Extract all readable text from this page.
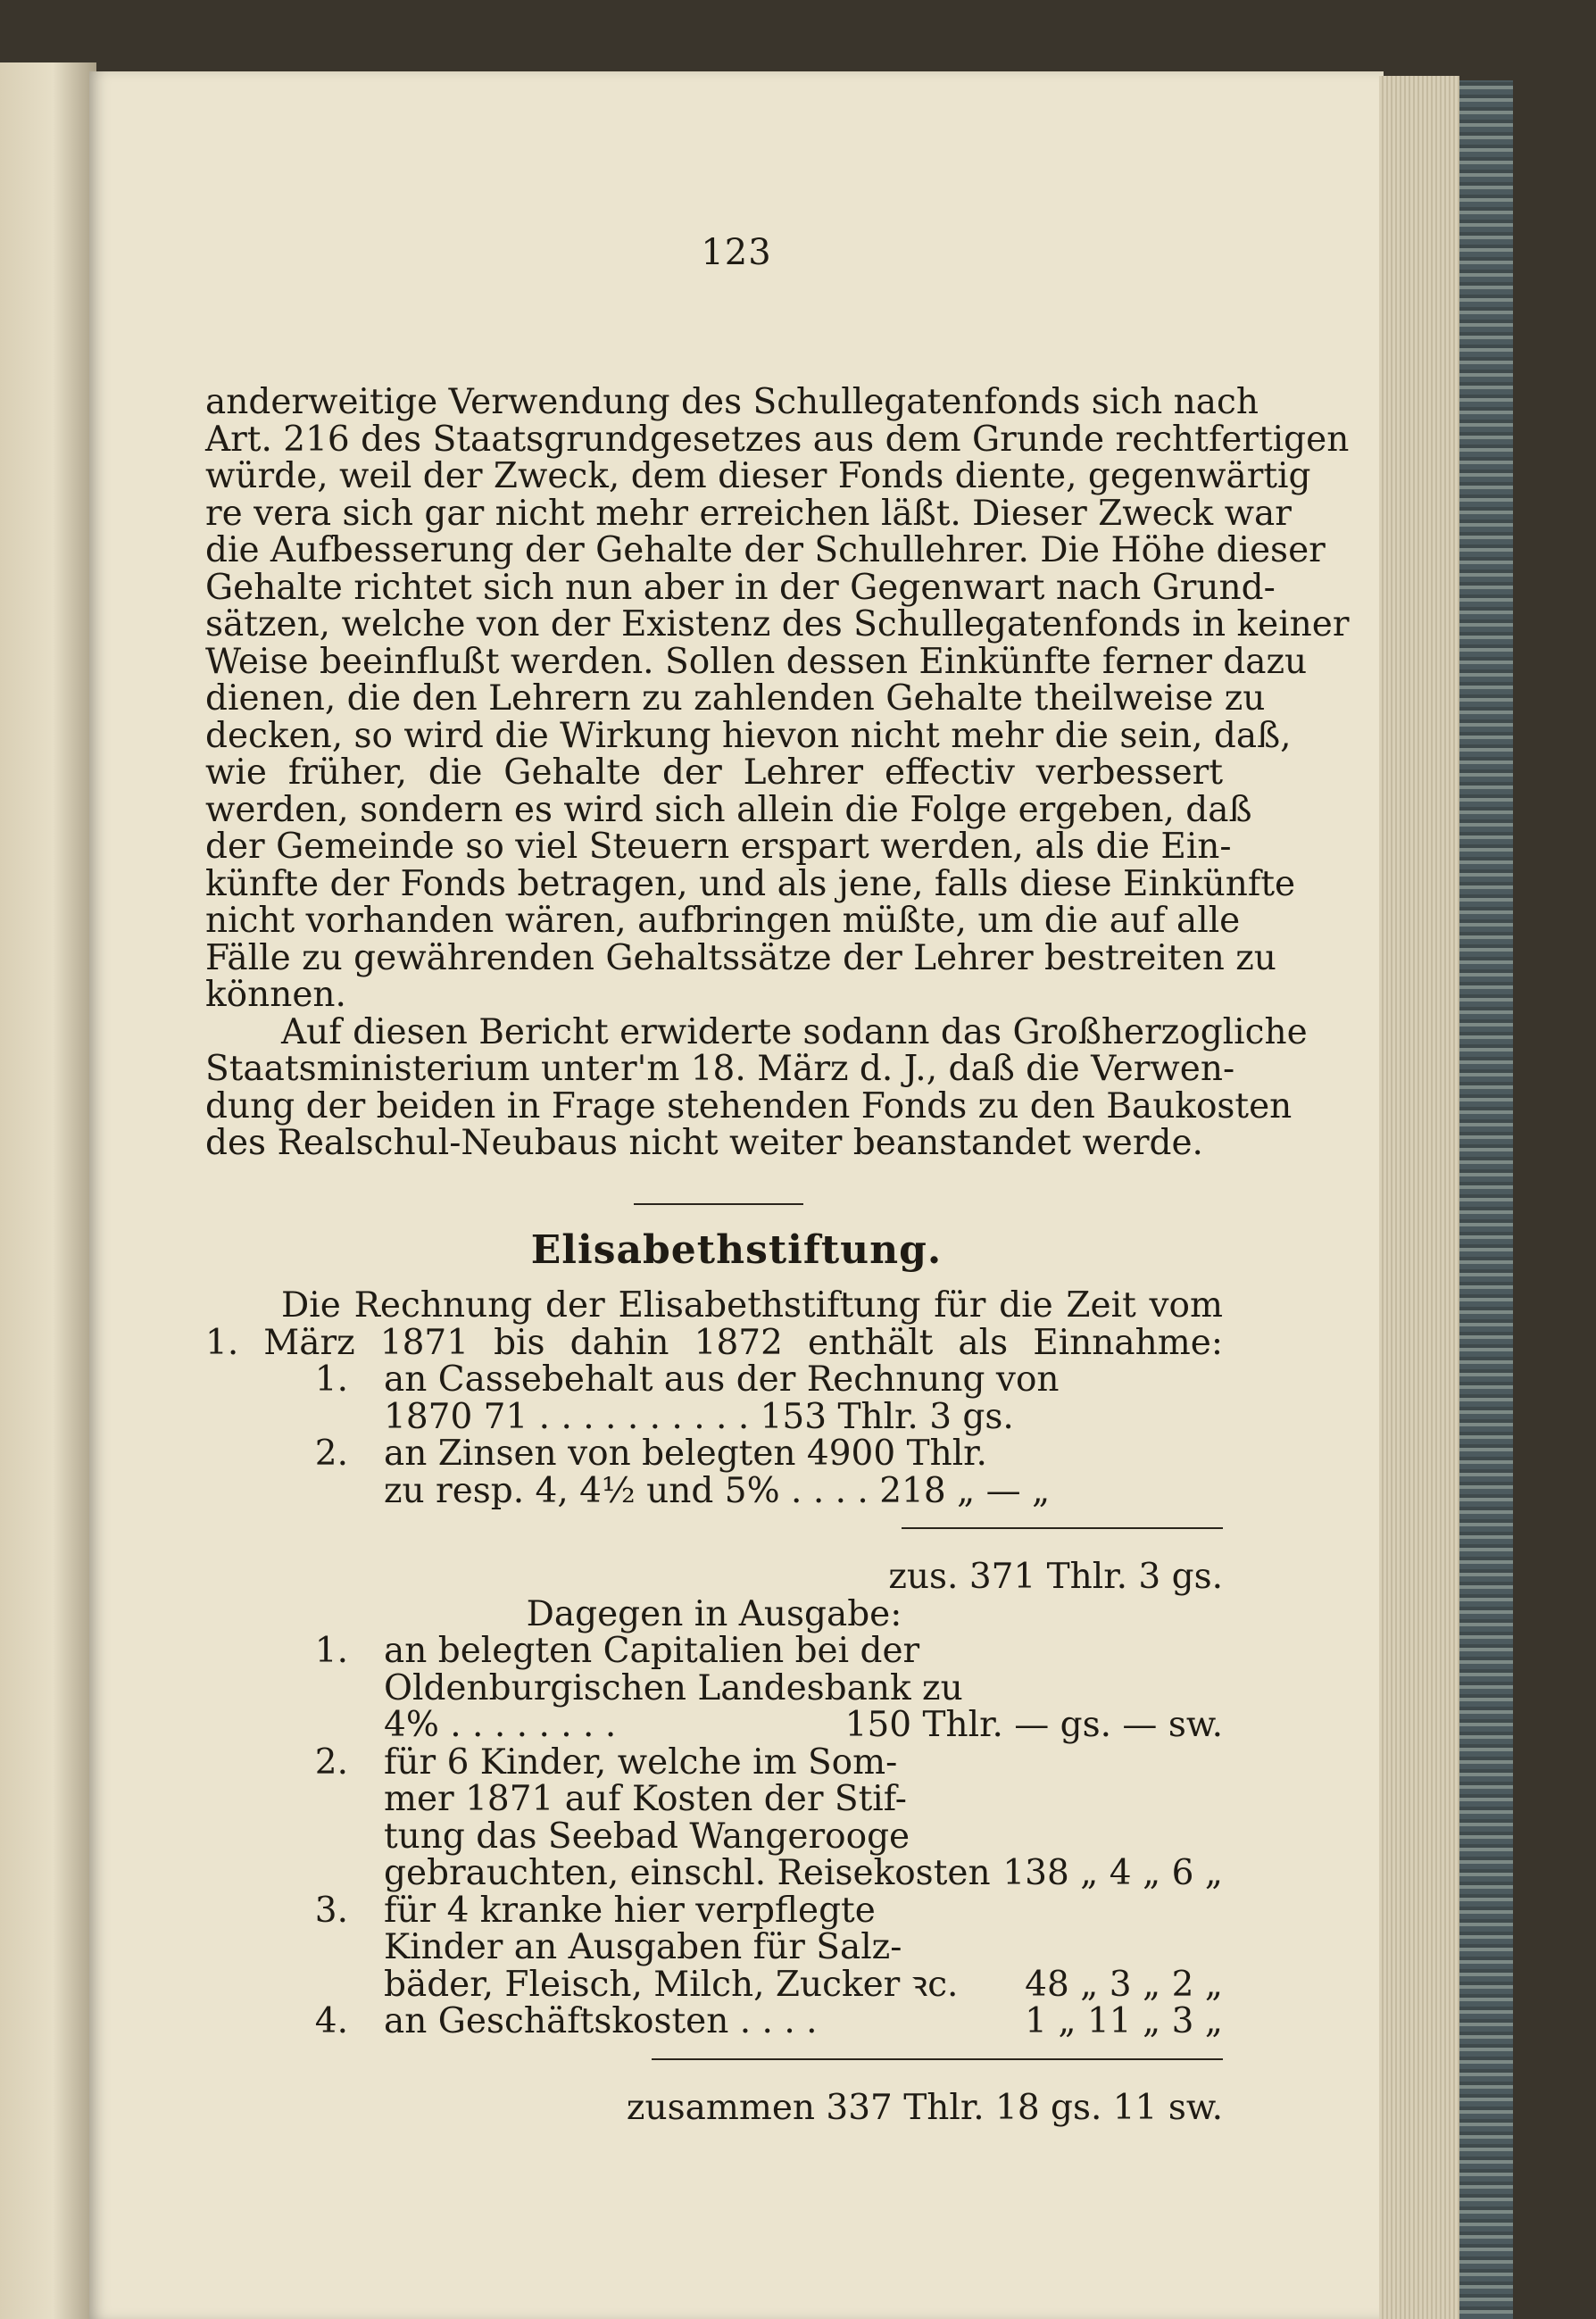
123
anderweitige Verwendung des Schullegatenfonds sich nach
Art. 216 des Staatsgrundgesetzes aus dem Grunde rechtfertigen
würde, weil der Zweck, dem dieser Fonds diente, gegenwärtig
re vera sich gar nicht mehr erreichen läßt. Dieser Zweck war
die Aufbesserung der Gehalte der Schullehrer. Die Höhe dieser
Gehalte richtet sich nun aber in der Gegenwart nach Grund-
sätzen, welche von der Existenz des Schullegatenfonds in keiner
Weise beeinflußt werden. Sollen dessen Einkünfte ferner dazu
dienen, die den Lehrern zu zahlenden Gehalte theilweise zu
decken, so wird die Wirkung hievon nicht mehr die sein, daß,
wie früher, die Gehalte der Lehrer effectiv verbessert
werden, sondern es wird sich allein die Folge ergeben, daß
der Gemeinde so viel Steuern erspart werden, als die Ein-
künfte der Fonds betragen, und als jene, falls diese Einkünfte
nicht vorhanden wären, aufbringen müßte, um die auf alle
Fälle zu gewährenden Gehaltssätze der Lehrer bestreiten zu
können.
Auf diesen Bericht erwiderte sodann das Großherzogliche
Staatsministerium unter'm 18. März d. J., daß die Verwen-
dung der beiden in Frage stehenden Fonds zu den Baukosten
des Realschul-Neubaus nicht weiter beanstandet werde.
Elisabethstiftung.
Die Rechnung der Elisabethstiftung für die Zeit vom
1. März 1871 bis dahin 1872 enthält als Einnahme:
1. an Cassebehalt aus der Rechnung von
1870 71 . . . . . . . . . . 153 Thlr. 3 gs.
2. an Zinsen von belegten 4900 Thlr.
zu resp. 4, 4½ und 5% . . . . 218 „ — „
zus. 371 Thlr. 3 gs.
Dagegen in Ausgabe:
1. an belegten Capitalien bei der
Oldenburgischen Landesbank zu
4% . . . . . . . .	150 Thlr. — gs. — sw.
2. für 6 Kinder, welche im Som-
mer 1871 auf Kosten der Stif-
tung das Seebad Wangerooge
gebrauchten, einschl. Reisekosten 138 „ 4 „ 6 „
3. für 4 kranke hier verpflegte
Kinder an Ausgaben für Salz-
bäder, Fleisch, Milch, Zucker ꝛc. 48 „ 3 „ 2 „
4. an Geschäftskosten . . . .	1 „ 11 „ 3 „
zusammen 337 Thlr. 18 gs. 11 sw.
